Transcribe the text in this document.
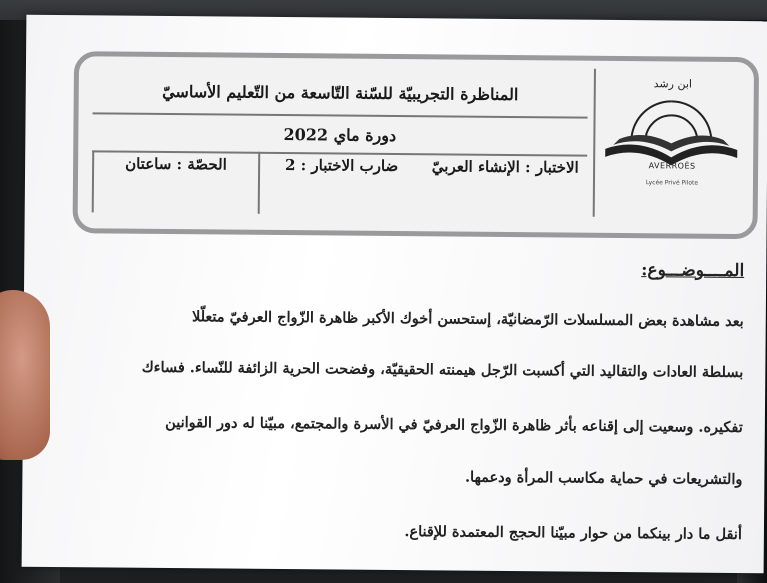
ابن رشد
AVERROÈS
Lycée Privé Pilote
المناظرة التجريبيّة للسّنة التّاسعة من التّعليم الأساسيّ
دورة ماي 2022
الحصّة : ساعتان	ضارب الاختبار : 2	الاختبار : الإنشاء العربيّ
المــــوضـــوع:
بعد مشاهدة بعض المسلسلات الرّمضانيّة، إستحسن أخوك الأكبر ظاهرة الزّواج العرفيّ متعلّلا
بسلطة العادات والتقاليد التي أكسبت الرّجل هيمنته الحقيقيّة، وفضحت الحرية الزائفة للنّساء. فساءك
تفكيره. وسعيت إلى إقناعه بأثر ظاهرة الزّواج العرفيّ في الأسرة والمجتمع، مبيّنا له دور القوانين
والتشريعات في حماية مكاسب المرأة ودعمها.
أنقل ما دار بينكما من حوار مبيّنا الحجج المعتمدة للإقناع.
